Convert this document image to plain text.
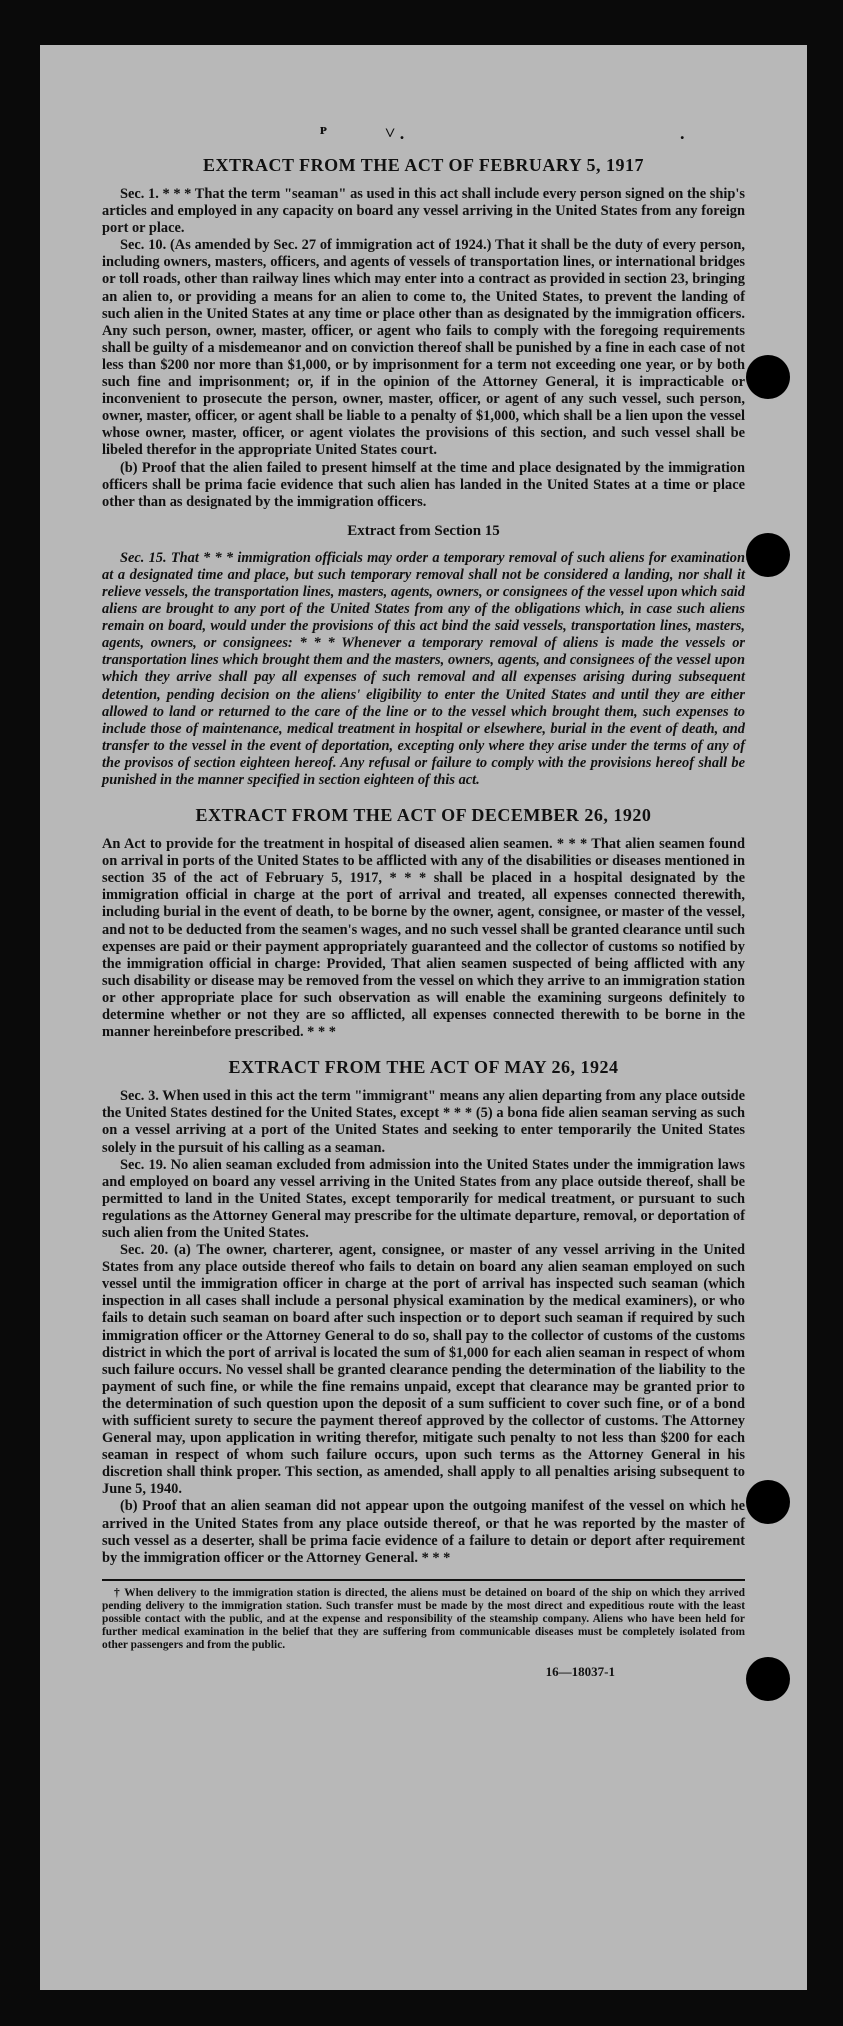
ᴾ	˅ .	.
EXTRACT FROM THE ACT OF FEBRUARY 5, 1917

Sec. 1. * * * That the term "seaman" as used in this act shall include every person signed on the ship's articles and employed in any capacity on board any vessel arriving in the United States from any foreign port or place.

Sec. 10. (As amended by Sec. 27 of immigration act of 1924.) That it shall be the duty of every person, including owners, masters, officers, and agents of vessels of transportation lines, or international bridges or toll roads, other than railway lines which may enter into a contract as provided in section 23, bringing an alien to, or providing a means for an alien to come to, the United States, to prevent the landing of such alien in the United States at any time or place other than as designated by the immigration officers. Any such person, owner, master, officer, or agent who fails to comply with the foregoing requirements shall be guilty of a misdemeanor and on conviction thereof shall be punished by a fine in each case of not less than $200 nor more than $1,000, or by imprisonment for a term not exceeding one year, or by both such fine and imprisonment; or, if in the opinion of the Attorney General, it is impracticable or inconvenient to prosecute the person, owner, master, officer, or agent of any such vessel, such person, owner, master, officer, or agent shall be liable to a penalty of $1,000, which shall be a lien upon the vessel whose owner, master, officer, or agent violates the provisions of this section, and such vessel shall be libeled therefor in the appropriate United States court.

(b) Proof that the alien failed to present himself at the time and place designated by the immigration officers shall be prima facie evidence that such alien has landed in the United States at a time or place other than as designated by the immigration officers.

Extract from Section 15

Sec. 15. That * * * immigration officials may order a temporary removal of such aliens for examination at a designated time and place, but such temporary removal shall not be considered a landing, nor shall it relieve vessels, the transportation lines, masters, agents, owners, or consignees of the vessel upon which said aliens are brought to any port of the United States from any of the obligations which, in case such aliens remain on board, would under the provisions of this act bind the said vessels, transportation lines, masters, agents, owners, or consignees: * * * Whenever a temporary removal of aliens is made the vessels or transportation lines which brought them and the masters, owners, agents, and consignees of the vessel upon which they arrive shall pay all expenses of such removal and all expenses arising during subsequent detention, pending decision on the aliens' eligibility to enter the United States and until they are either allowed to land or returned to the care of the line or to the vessel which brought them, such expenses to include those of maintenance, medical treatment in hospital or elsewhere, burial in the event of death, and transfer to the vessel in the event of deportation, excepting only where they arise under the terms of any of the provisos of section eighteen hereof. Any refusal or failure to comply with the provisions hereof shall be punished in the manner specified in section eighteen of this act.

EXTRACT FROM THE ACT OF DECEMBER 26, 1920

An Act to provide for the treatment in hospital of diseased alien seamen. * * * That alien seamen found on arrival in ports of the United States to be afflicted with any of the disabilities or diseases mentioned in section 35 of the act of February 5, 1917, * * * shall be placed in a hospital designated by the immigration official in charge at the port of arrival and treated, all expenses connected therewith, including burial in the event of death, to be borne by the owner, agent, consignee, or master of the vessel, and not to be deducted from the seamen's wages, and no such vessel shall be granted clearance until such expenses are paid or their payment appropriately guaranteed and the collector of customs so notified by the immigration official in charge: Provided, That alien seamen suspected of being afflicted with any such disability or disease may be removed from the vessel on which they arrive to an immigration station or other appropriate place for such observation as will enable the examining surgeons definitely to determine whether or not they are so afflicted, all expenses connected therewith to be borne in the manner hereinbefore prescribed. * * *

EXTRACT FROM THE ACT OF MAY 26, 1924

Sec. 3. When used in this act the term "immigrant" means any alien departing from any place outside the United States destined for the United States, except * * * (5) a bona fide alien seaman serving as such on a vessel arriving at a port of the United States and seeking to enter temporarily the United States solely in the pursuit of his calling as a seaman.

Sec. 19. No alien seaman excluded from admission into the United States under the immigration laws and employed on board any vessel arriving in the United States from any place outside thereof, shall be permitted to land in the United States, except temporarily for medical treatment, or pursuant to such regulations as the Attorney General may prescribe for the ultimate departure, removal, or deportation of such alien from the United States.

Sec. 20. (a) The owner, charterer, agent, consignee, or master of any vessel arriving in the United States from any place outside thereof who fails to detain on board any alien seaman employed on such vessel until the immigration officer in charge at the port of arrival has inspected such seaman (which inspection in all cases shall include a personal physical examination by the medical examiners), or who fails to detain such seaman on board after such inspection or to deport such seaman if required by such immigration officer or the Attorney General to do so, shall pay to the collector of customs of the customs district in which the port of arrival is located the sum of $1,000 for each alien seaman in respect of whom such failure occurs. No vessel shall be granted clearance pending the determination of the liability to the payment of such fine, or while the fine remains unpaid, except that clearance may be granted prior to the determination of such question upon the deposit of a sum sufficient to cover such fine, or of a bond with sufficient surety to secure the payment thereof approved by the collector of customs. The Attorney General may, upon application in writing therefor, mitigate such penalty to not less than $200 for each seaman in respect of whom such failure occurs, upon such terms as the Attorney General in his discretion shall think proper. This section, as amended, shall apply to all penalties arising subsequent to June 5, 1940.

(b) Proof that an alien seaman did not appear upon the outgoing manifest of the vessel on which he arrived in the United States from any place outside thereof, or that he was reported by the master of such vessel as a deserter, shall be prima facie evidence of a failure to detain or deport after requirement by the immigration officer or the Attorney General. * * *

† When delivery to the immigration station is directed, the aliens must be detained on board of the ship on which they arrived pending delivery to the immigration station. Such transfer must be made by the most direct and expeditious route with the least possible contact with the public, and at the expense and responsibility of the steamship company. Aliens who have been held for further medical examination in the belief that they are suffering from communicable diseases must be completely isolated from other passengers and from the public.

16—18037-1
